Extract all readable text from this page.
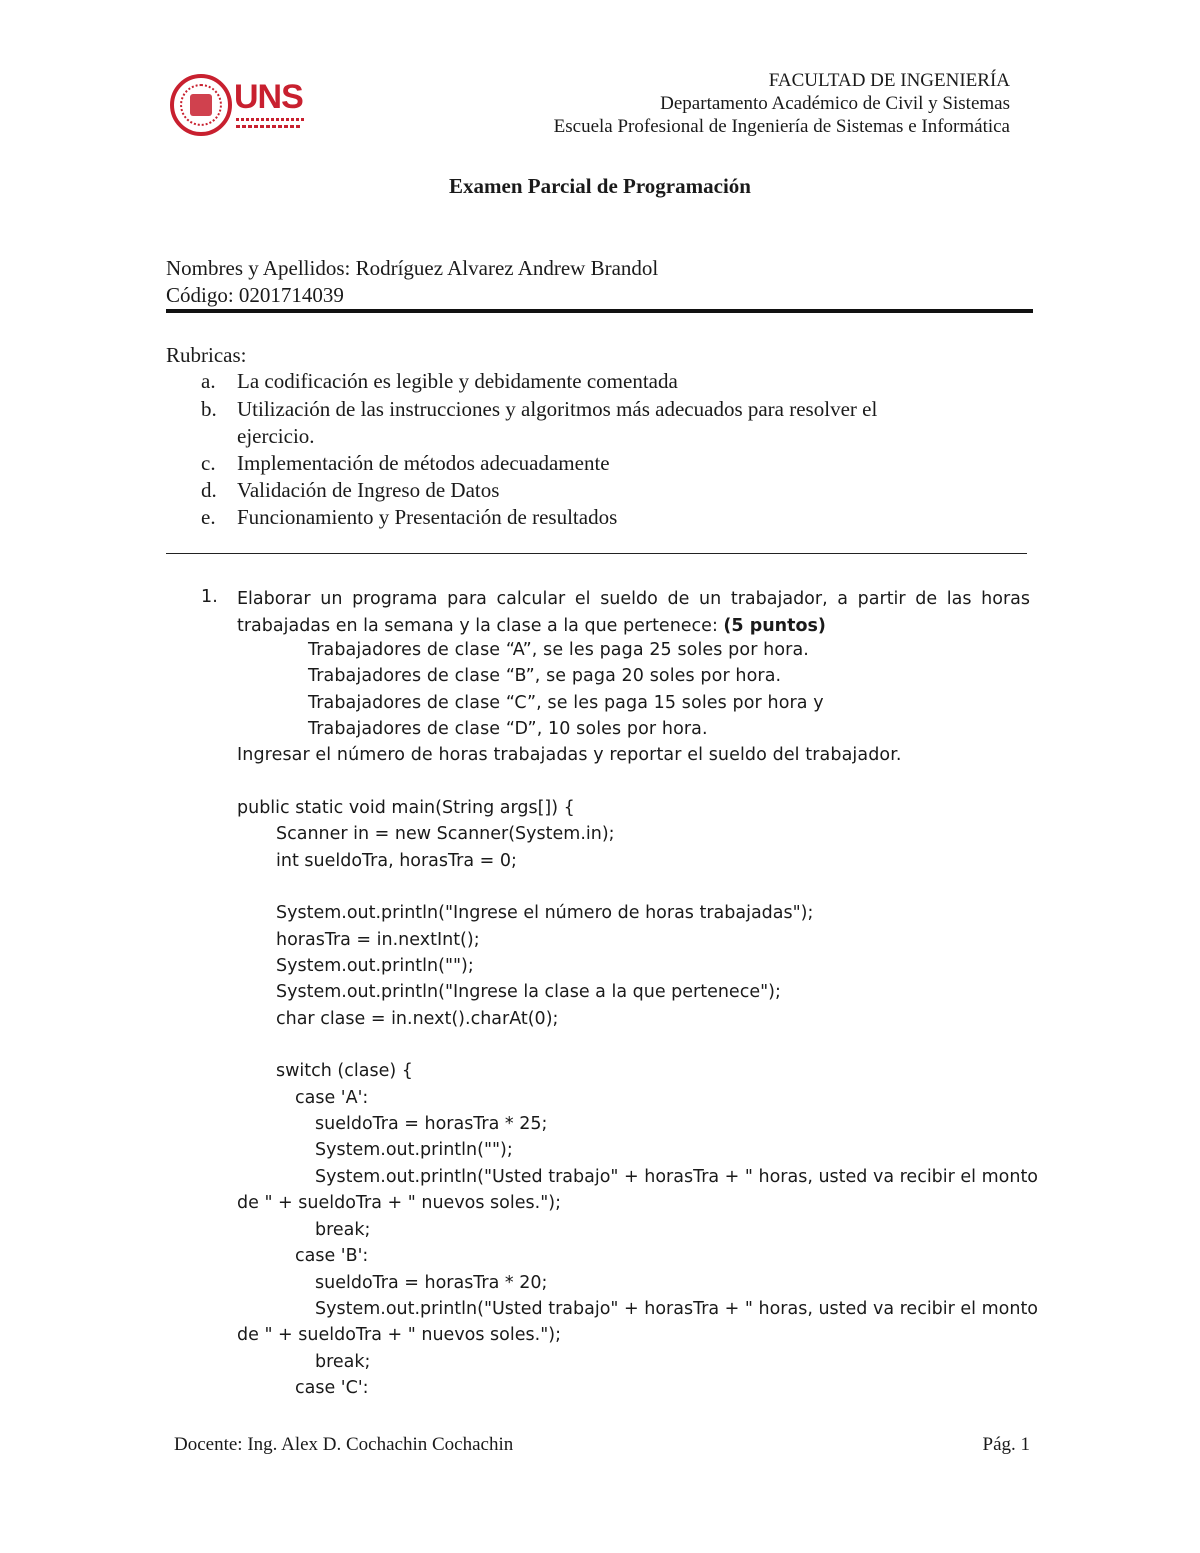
UNS	FACULTAD DE INGENIERÍA
Departamento Académico de Civil y Sistemas
Escuela Profesional de Ingeniería de Sistemas e Informática
Examen Parcial de Programación
Nombres y Apellidos: Rodríguez Alvarez Andrew Brandol
Código: 0201714039
Rubricas:
a. La codificación es legible y debidamente comentada
b. Utilización de las instrucciones y algoritmos más adecuados para resolver el
ejercicio.
c. Implementación de métodos adecuadamente
d. Validación de Ingreso de Datos
e. Funcionamiento y Presentación de resultados
1. Elaborar un programa para calcular el sueldo de un trabajador, a partir de las horas trabajadas en la semana y la clase a la que pertenece: (5 puntos)
Trabajadores de clase “A”, se les paga 25 soles por hora.
Trabajadores de clase “B”, se paga 20 soles por hora.
Trabajadores de clase “C”, se les paga 15 soles por hora y
Trabajadores de clase “D”, 10 soles por hora.
Ingresar el número de horas trabajadas y reportar el sueldo del trabajador.
public static void main(String args[]) {
Scanner in = new Scanner(System.in);
int sueldoTra, horasTra = 0;
System.out.println("Ingrese el número de horas trabajadas");
horasTra = in.nextInt();
System.out.println("");
System.out.println("Ingrese la clase a la que pertenece");
char clase = in.next().charAt(0);
switch (clase) {
case 'A':
sueldoTra = horasTra * 25;
System.out.println("");
System.out.println("Usted trabajo" + horasTra + " horas, usted va recibir el monto
de " + sueldoTra + " nuevos soles.");
break;
case 'B':
sueldoTra = horasTra * 20;
System.out.println("Usted trabajo" + horasTra + " horas, usted va recibir el monto
de " + sueldoTra + " nuevos soles.");
break;
case 'C':
Docente: Ing. Alex D. Cochachin Cochachin	Pág. 1
